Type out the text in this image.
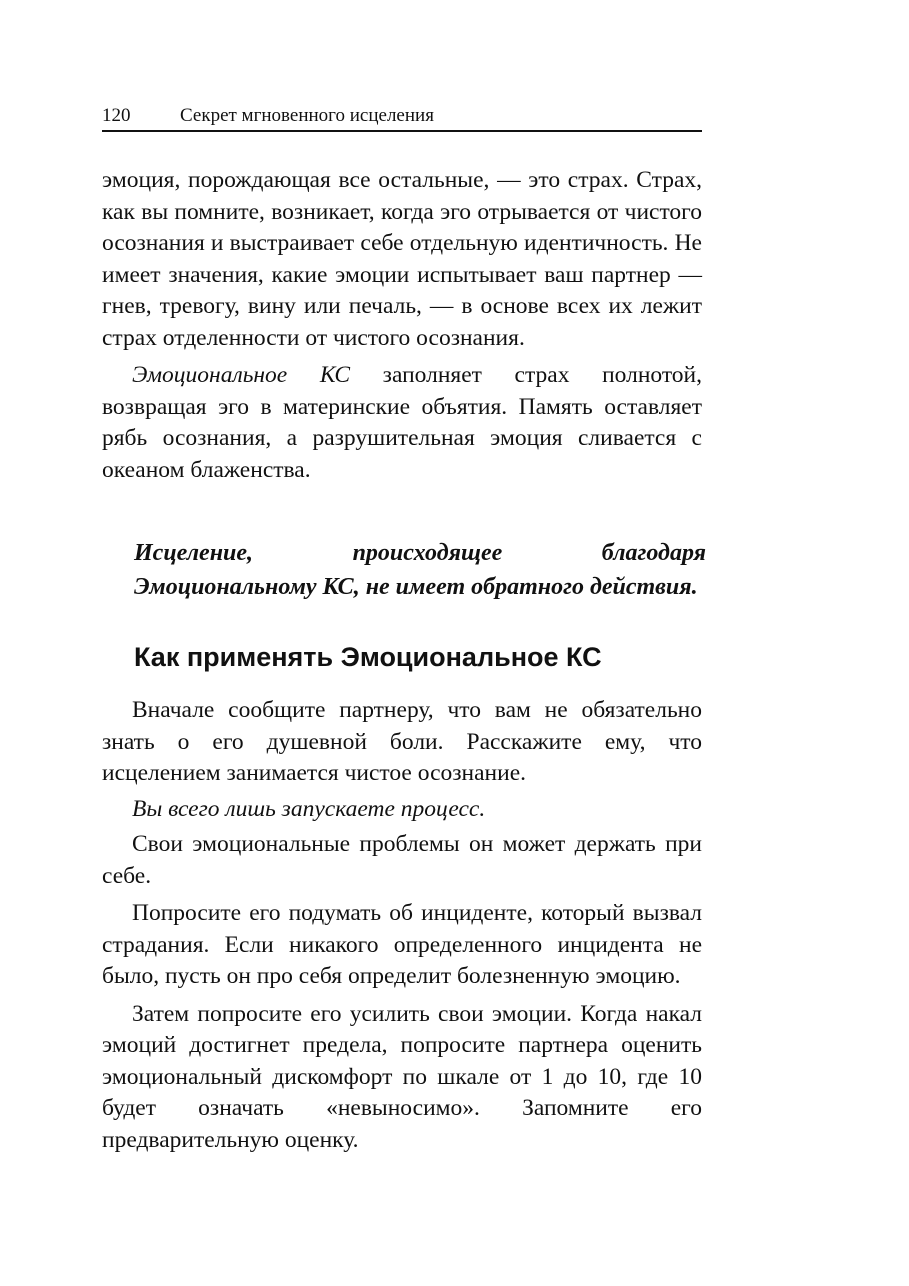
120	Секрет мгновенного исцеления

эмоция, порождающая все остальные, — это страх. Страх, как вы помните, возникает, когда эго отрывается от чистого осознания и выстраивает себе отдельную идентичность. Не имеет значения, какие эмоции испытывает ваш партнер — гнев, тревогу, вину или печаль, — в основе всех их лежит страх отделенности от чистого осознания.

Эмоциональное КС заполняет страх полнотой, возвращая эго в материнские объятия. Память оставляет рябь осознания, а разрушительная эмоция сливается с океаном блаженства.

Исцеление, происходящее благодаря Эмоциональному КС, не имеет обратного действия.

Как применять Эмоциональное КС

Вначале сообщите партнеру, что вам не обязательно знать о его душевной боли. Расскажите ему, что исцелением занимается чистое осознание.

Вы всего лишь запускаете процесс.

Свои эмоциональные проблемы он может держать при себе.

Попросите его подумать об инциденте, который вызвал страдания. Если никакого определенного инцидента не было, пусть он про себя определит болезненную эмоцию.

Затем попросите его усилить свои эмоции. Когда накал эмоций достигнет предела, попросите партнера оценить эмоциональный дискомфорт по шкале от 1 до 10, где 10 будет означать «невыносимо». Запомните его предварительную оценку.
